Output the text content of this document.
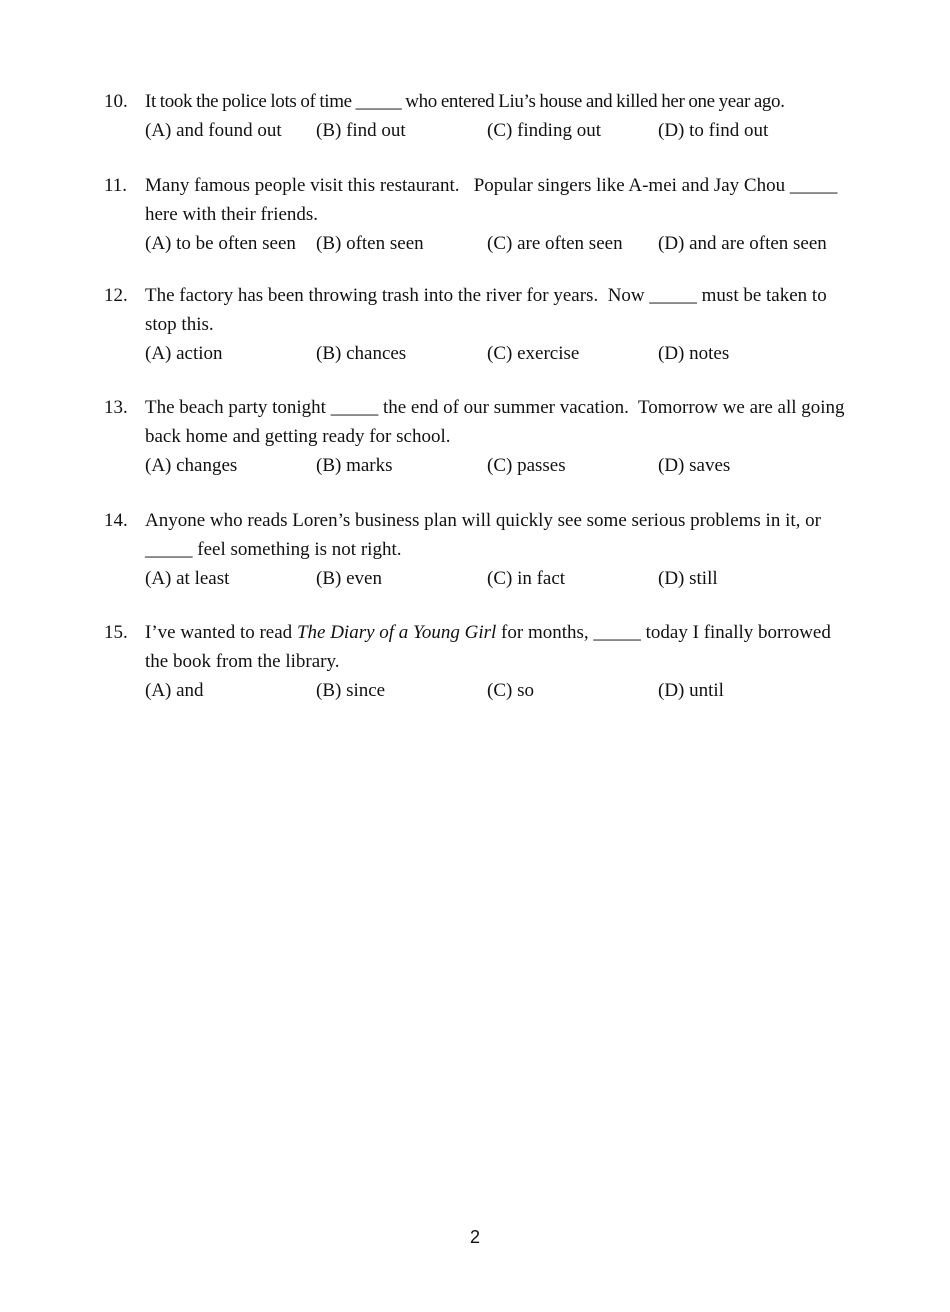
10. It took the police lots of time _____ who entered Liu’s house and killed her one year ago.
(A) and found out	(B) find out	(C) finding out	(D) to find out
11. Many famous people visit this restaurant.   Popular singers like A-mei and Jay Chou _____ here with their friends.
(A) to be often seen	(B) often seen	(C) are often seen	(D) and are often seen
12. The factory has been throwing trash into the river for years.  Now _____ must be taken to stop this.
(A) action	(B) chances	(C) exercise	(D) notes
13. The beach party tonight _____ the end of our summer vacation.  Tomorrow we are all going back home and getting ready for school.
(A) changes	(B) marks	(C) passes	(D) saves
14. Anyone who reads Loren’s business plan will quickly see some serious problems in it, or _____ feel something is not right.
(A) at least	(B) even	(C) in fact	(D) still
15. I’ve wanted to read The Diary of a Young Girl for months, _____ today I finally borrowed the book from the library.
(A) and	(B) since	(C) so	(D) until
2
